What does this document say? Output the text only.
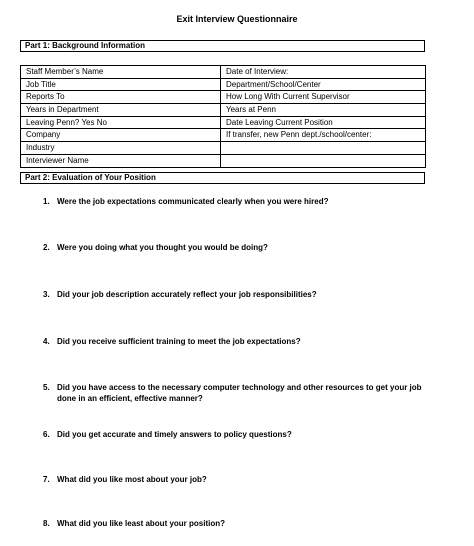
Exit Interview Questionnaire
Part 1: Background Information
Staff Member’s Name	Date of Interview:
Job Title	Department/School/Center
Reports To	How Long With Current Supervisor
Years in Department	Years at Penn
Leaving Penn? Yes No	Date Leaving Current Position
Company	If transfer, new Penn dept./school/center:
Industry	
Interviewer Name	
Part 2: Evaluation of Your Position
1. Were the job expectations communicated clearly when you were hired?
2. Were you doing what you thought you would be doing?
3. Did your job description accurately reflect your job responsibilities?
4. Did you receive sufficient training to meet the job expectations?
5. Did you have access to the necessary computer technology and other resources to get your job done in an efficient, effective manner?
6. Did you get accurate and timely answers to policy questions?
7. What did you like most about your job?
8. What did you like least about your position?
